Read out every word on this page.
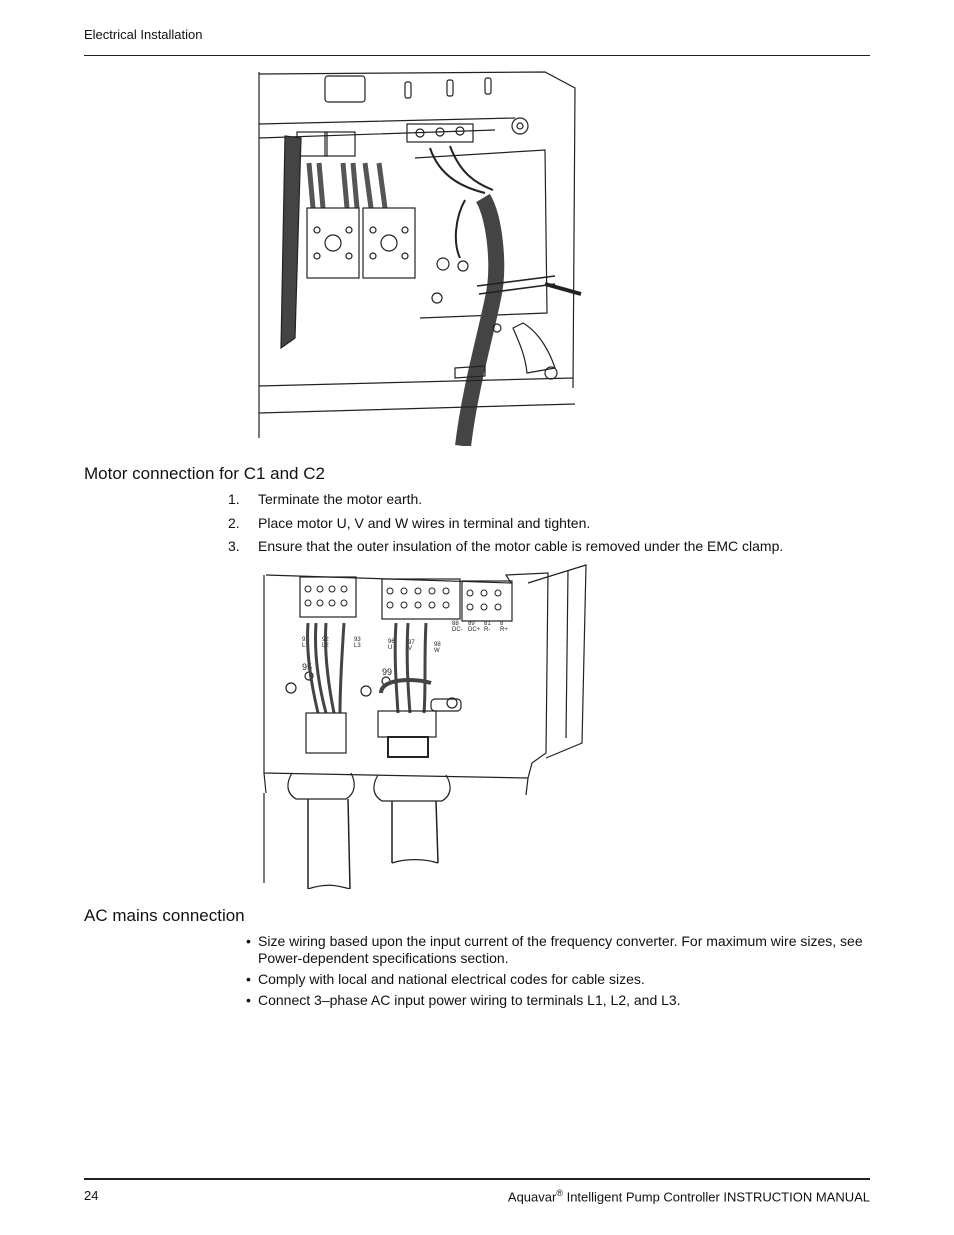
Electrical Installation
Motor connection for C1 and C2
1.	Terminate the motor earth.
2.	Place motor U, V and W wires in terminal and tighten.
3.	Ensure that the outer insulation of the motor cable is removed under the EMC clamp.
91
L1
92
L2
93
L3
96
U
97
V
98
W
88
DC-
89
DC+
81
R-
8
R+
95	99
AC mains connection
• Size wiring based upon the input current of the frequency converter. For maximum wire sizes, see Power-dependent specifications section.
• Comply with local and national electrical codes for cable sizes.
• Connect 3–phase AC input power wiring to terminals L1, L2, and L3.
24	Aquavar® Intelligent Pump Controller INSTRUCTION MANUAL
